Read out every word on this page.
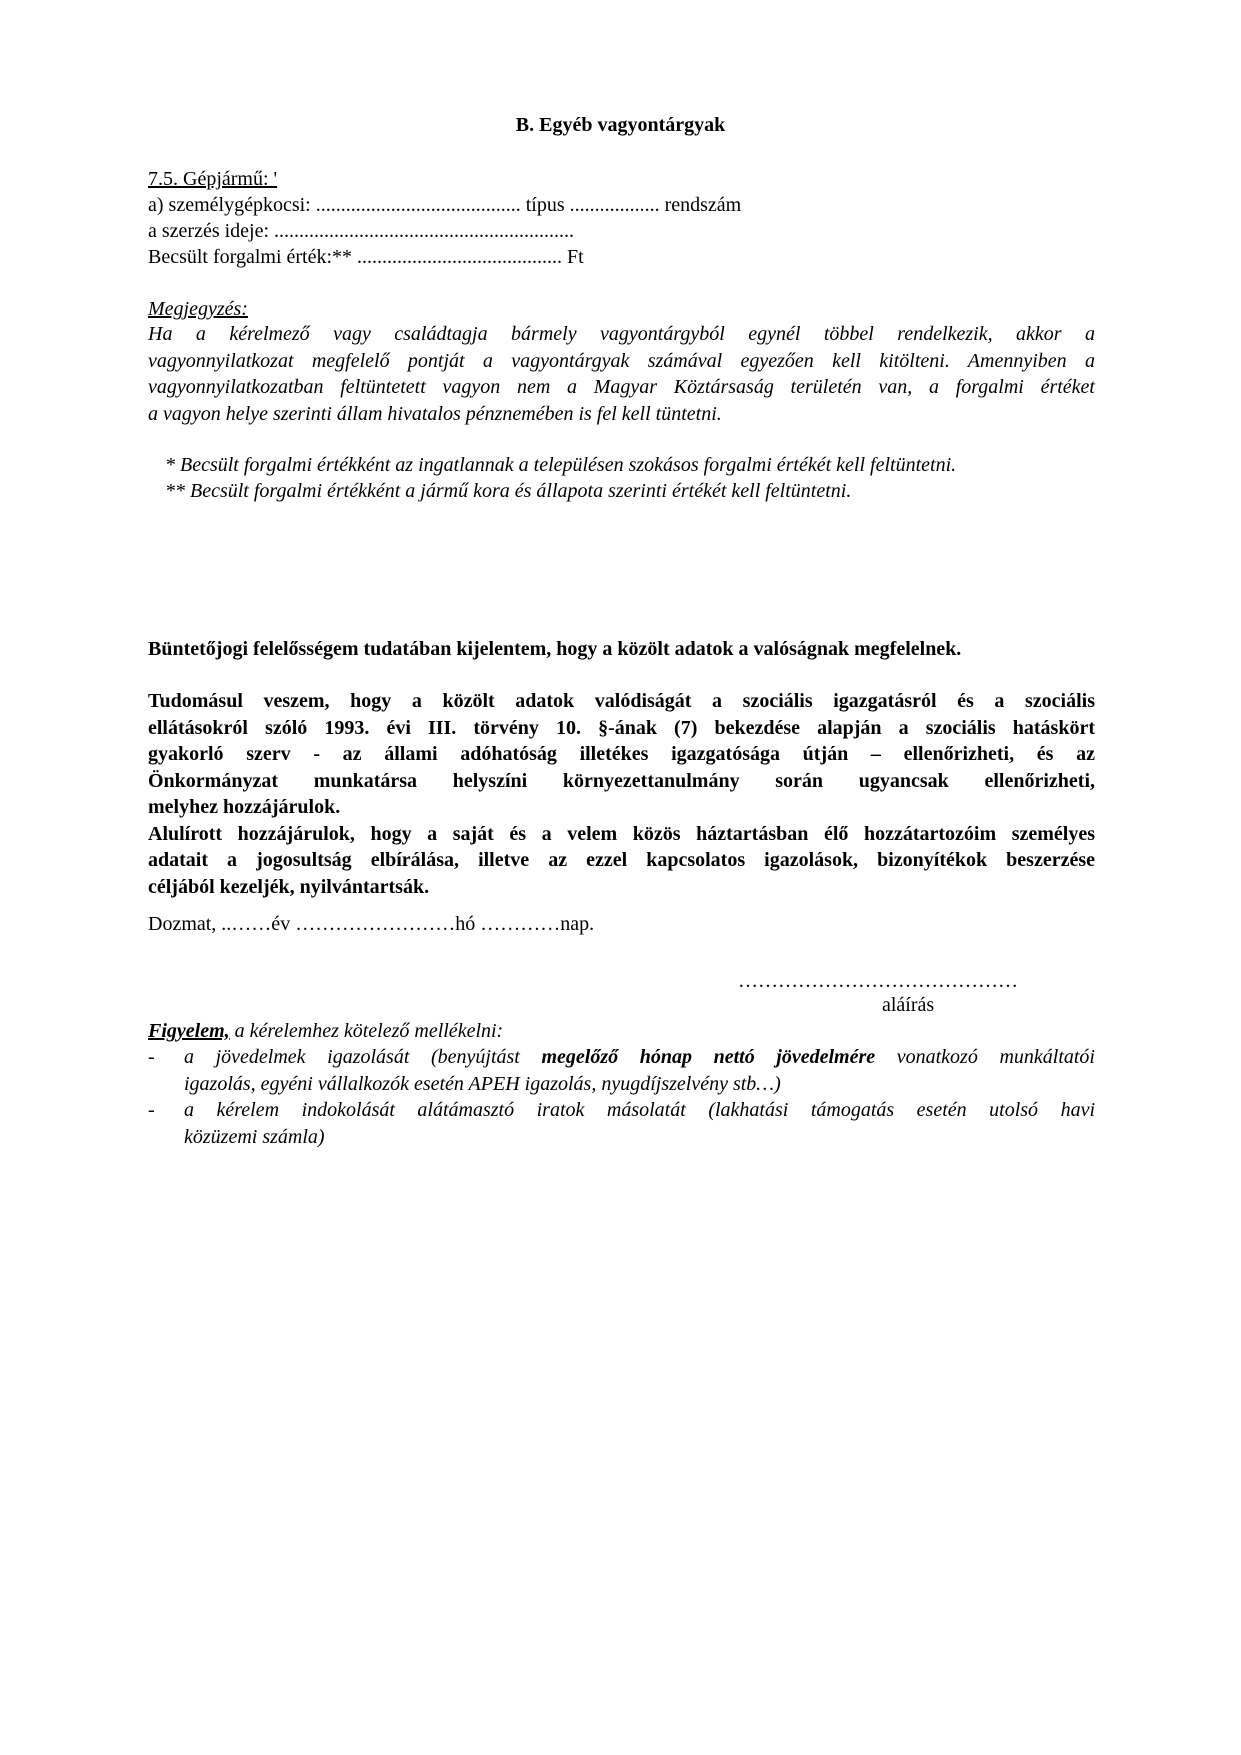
B. Egyéb vagyontárgyak
7.5. Gépjármű: '
a) személygépkocsi: ......................................... típus .................. rendszám
a szerzés ideje: ............................................................
Becsült forgalmi érték:** ......................................... Ft
Megjegyzés:
Ha a kérelmező vagy családtagja bármely vagyontárgyból egynél többel rendelkezik, akkor a
vagyonnyilatkozat megfelelő pontját a vagyontárgyak számával egyezően kell kitölteni. Amennyiben a
vagyonnyilatkozatban feltüntetett vagyon nem a Magyar Köztársaság területén van, a forgalmi értéket
a vagyon helye szerinti állam hivatalos pénznemében is fel kell tüntetni.
* Becsült forgalmi értékként az ingatlannak a településen szokásos forgalmi értékét kell feltüntetni.
** Becsült forgalmi értékként a jármű kora és állapota szerinti értékét kell feltüntetni.
Büntetőjogi felelősségem tudatában kijelentem, hogy a közölt adatok a valóságnak megfelelnek.
Tudomásul veszem, hogy a közölt adatok valódiságát a szociális igazgatásról és a szociális
ellátásokról szóló 1993. évi III. törvény 10. §-ának (7) bekezdése alapján a szociális hatáskört
gyakorló szerv - az állami adóhatóság illetékes igazgatósága útján – ellenőrizheti, és az
Önkormányzat munkatársa helyszíni környezettanulmány során ugyancsak ellenőrizheti,
melyhez hozzájárulok.
Alulírott hozzájárulok, hogy a saját és a velem közös háztartásban élő hozzátartozóim személyes
adatait a jogosultság elbírálása, illetve az ezzel kapcsolatos igazolások, bizonyítékok beszerzése
céljából kezeljék, nyilvántartsák.
Dozmat, ..……év ……………………hó …………nap.
……………………………………
aláírás
Figyelem, a kérelemhez kötelező mellékelni:
- a jövedelmek igazolását (benyújtást megelőző hónap nettó jövedelmére vonatkozó munkáltatói
igazolás, egyéni vállalkozók esetén APEH igazolás, nyugdíjszelvény stb…)
- a kérelem indokolását alátámasztó iratok másolatát (lakhatási támogatás esetén utolsó havi
közüzemi számla)
